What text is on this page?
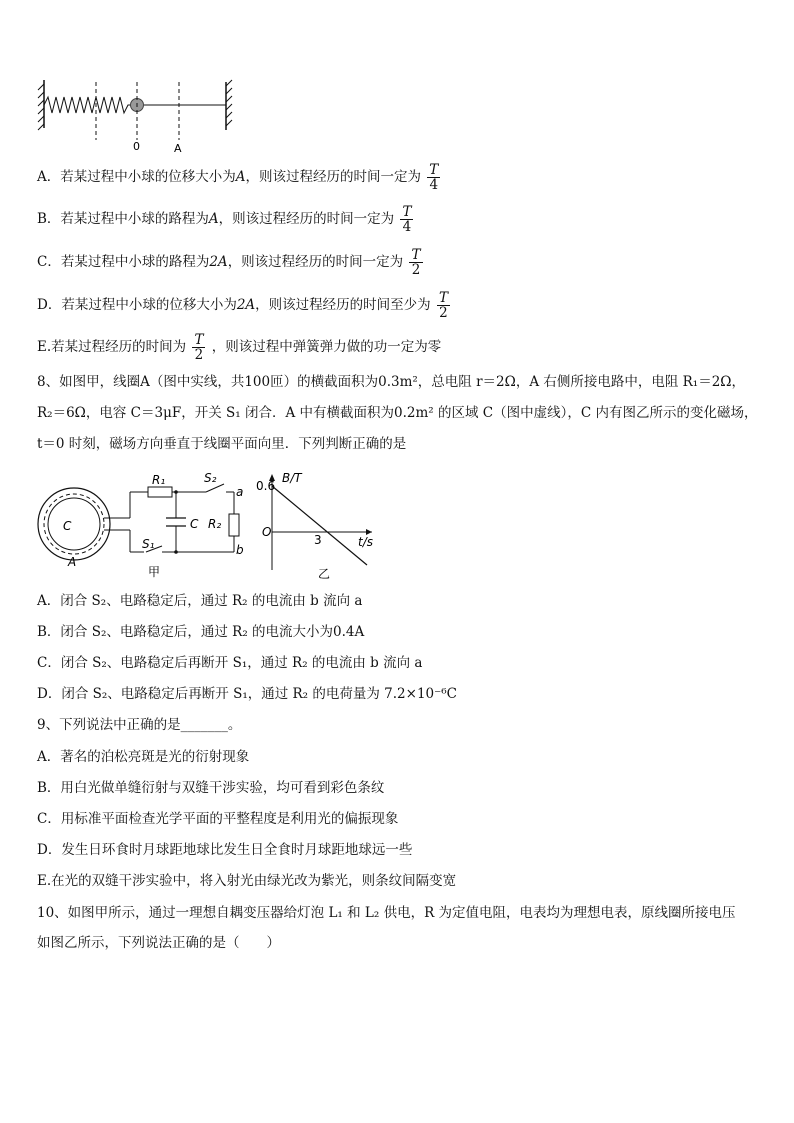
0	A
A．若某过程中小球的位移大小为A，则该过程经历的时间一定为 $\frac{T}{4}$
B．若某过程中小球的路程为A，则该过程经历的时间一定为 $\frac{T}{4}$
C．若某过程中小球的路程为2A，则该过程经历的时间一定为 $\frac{T}{2}$
D．若某过程中小球的位移大小为2A，则该过程经历的时间至少为 $\frac{T}{2}$
E.若某过程经历的时间为 $\frac{T}{2}$ ，则该过程中弹簧弹力做的功一定为零
8、如图甲，线圈A（图中实线，共100匝）的横截面积为0.3m²，总电阻 r＝2Ω，A 右侧所接电路中，电阻 R₁＝2Ω，
R₂＝6Ω，电容 C＝3μF，开关 S₁ 闭合．A 中有横截面积为0.2m² 的区域 C（图中虚线），C 内有图乙所示的变化磁场，
t＝0 时刻，磁场方向垂直于线圈平面向里．下列判断正确的是
R₁	S₂
a
C R₂
b
S₁
C
A
甲
B/T
0.6
O
3	t/s
乙
A．闭合 S₂、电路稳定后，通过 R₂ 的电流由 b 流向 a
B．闭合 S₂、电路稳定后，通过 R₂ 的电流大小为0.4A
C．闭合 S₂、电路稳定后再断开 S₁，通过 R₂ 的电流由 b 流向 a
D．闭合 S₂、电路稳定后再断开 S₁，通过 R₂ 的电荷量为 7.2×10⁻⁶C
9、下列说法中正确的是_______。
A．著名的泊松亮斑是光的衍射现象
B．用白光做单缝衍射与双缝干涉实验，均可看到彩色条纹
C．用标准平面检查光学平面的平整程度是利用光的偏振现象
D．发生日环食时月球距地球比发生日全食时月球距地球远一些
E.在光的双缝干涉实验中，将入射光由绿光改为紫光，则条纹间隔变宽
10、如图甲所示，通过一理想自耦变压器给灯泡 L₁ 和 L₂ 供电，R 为定值电阻，电表均为理想电表，原线圈所接电压
如图乙所示，下列说法正确的是（　　）
